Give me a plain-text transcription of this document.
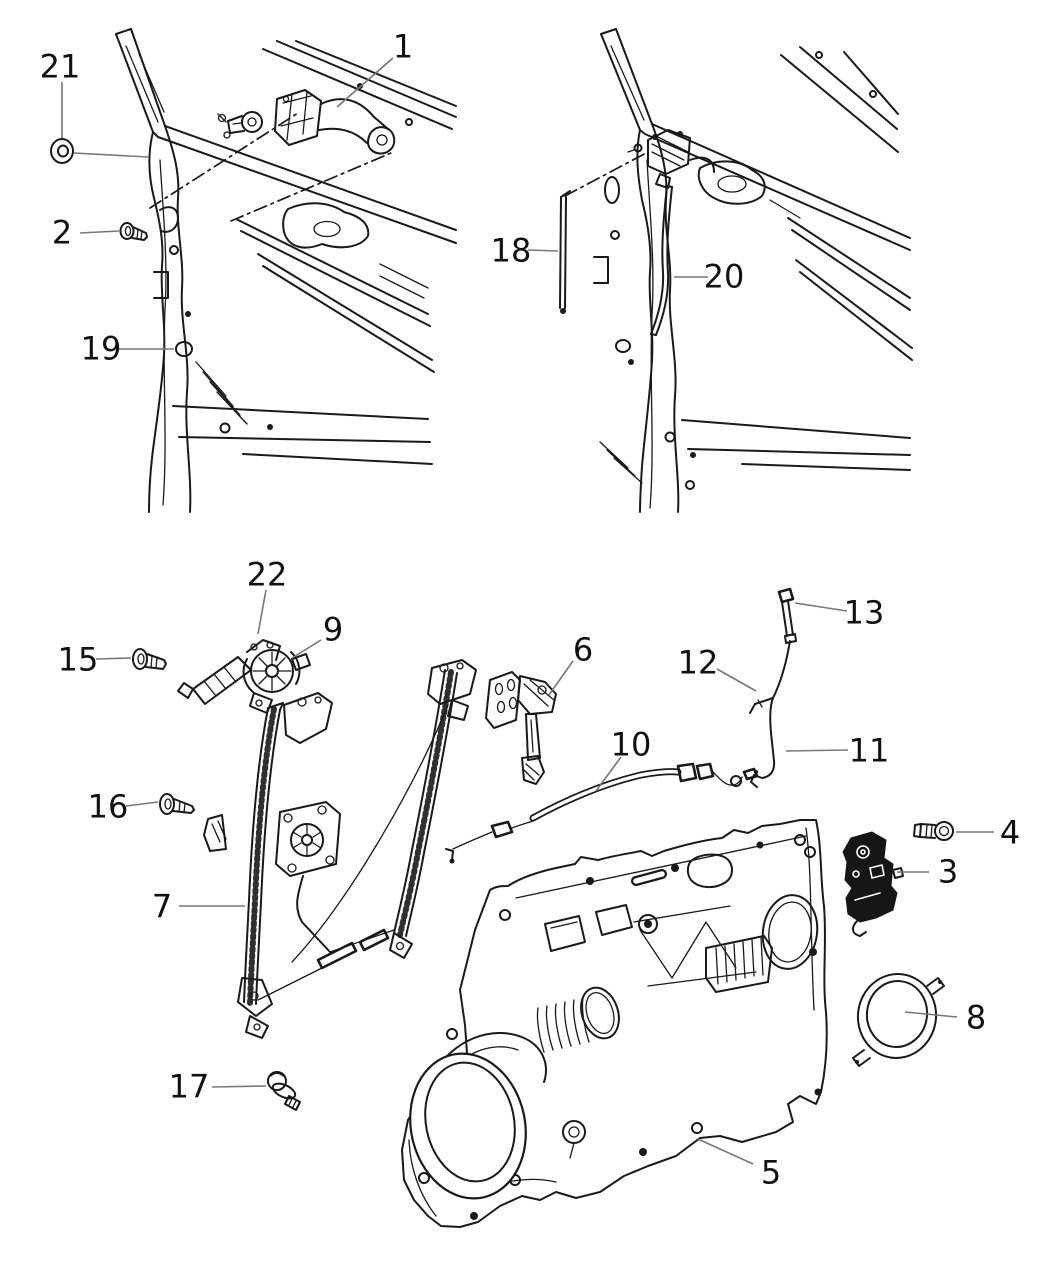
1
2
3
4
5
6
7
8
9
10	11
12
13
15
16
17
18
19
20
21
22
